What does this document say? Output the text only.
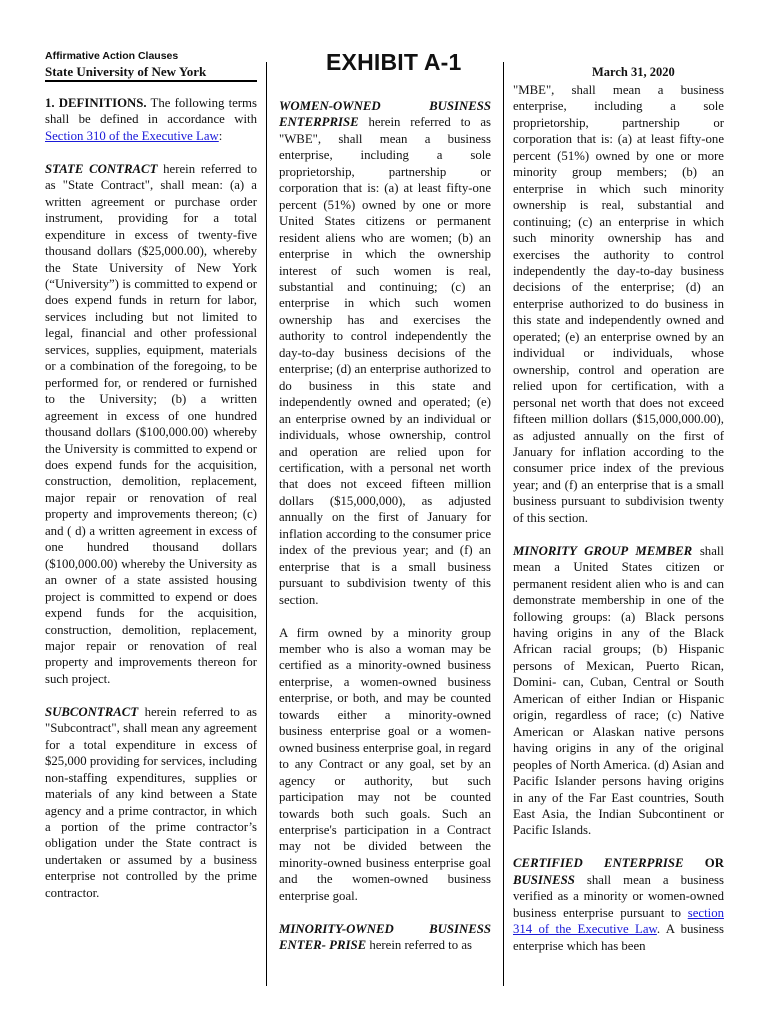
Affirmative Action Clauses
State University of New York	EXHIBIT A-1	March 31, 2020

1. DEFINITIONS. The following terms shall be defined in accordance with Section 310 of the Executive Law:

STATE CONTRACT herein referred to as "State Contract", shall mean: (a) a written agreement or purchase order instrument, providing for a total expenditure in excess of twenty-five thousand dollars ($25,000.00), whereby the State University of New York (“University”) is committed to expend or does expend funds in return for labor, services including but not limited to legal, financial and other professional services, supplies, equipment, materials or a combination of the foregoing, to be performed for, or rendered or furnished to the University; (b) a written agreement in excess of one hundred thousand dollars ($100,000.00) whereby the University is committed to expend or does expend funds for the acquisition, construction, demolition, replacement, major repair or renovation of real property and improvements thereon; (c) and ( d) a written agreement in excess of one hundred thousand dollars ($100,000.00) whereby the University as an owner of a state assisted housing project is committed to expend or does expend funds for the acquisition, construction, demolition, replacement, major repair or renovation of real property and improvements thereon for such project.

SUBCONTRACT herein referred to as "Subcontract", shall mean any agreement for a total expenditure in excess of $25,000 providing for services, including non-staffing expenditures, supplies or materials of any kind between a State agency and a prime contractor, in which a portion of the prime contractor’s obligation under the State contract is undertaken or assumed by a business enterprise not controlled by the prime contractor.

WOMEN-OWNED BUSINESS ENTERPRISE herein referred to as "WBE", shall mean a business enterprise, including a sole proprietorship, partnership or corporation that is: (a) at least fifty-one percent (51%) owned by one or more United States citizens or permanent resident aliens who are women; (b) an enterprise in which the ownership interest of such women is real, substantial and continuing; (c) an enterprise in which such women ownership has and exercises the authority to control independently the day-to-day business decisions of the enterprise; (d) an enterprise authorized to do business in this state and independently owned and operated; (e) an enterprise owned by an individual or individuals, whose ownership, control and operation are relied upon for certification, with a personal net worth that does not exceed fifteen million dollars ($15,000,000), as adjusted annually on the first of January for inflation according to the consumer price index of the previous year; and (f) an enterprise that is a small business pursuant to subdivision twenty of this section.

A firm owned by a minority group member who is also a woman may be certified as a minority-owned business enterprise, a women-owned business enterprise, or both, and may be counted towards either a minority-owned business enterprise goal or a women-owned business enterprise goal, in regard to any Contract or any goal, set by an agency or authority, but such participation may not be counted towards both such goals. Such an enterprise's participation in a Contract may not be divided between the minority-owned business enterprise goal and the women-owned business enterprise goal.

MINORITY-OWNED BUSINESS ENTER- PRISE herein referred to as

"MBE", shall mean a business enterprise, including a sole proprietorship, partnership or corporation that is: (a) at least fifty-one percent (51%) owned by one or more minority group members; (b) an enterprise in which such minority ownership is real, substantial and continuing; (c) an enterprise in which such minority ownership has and exercises the authority to control independently the day-to-day business decisions of the enterprise; (d) an enterprise authorized to do business in this state and independently owned and operated; (e) an enterprise owned by an individual or individuals, whose ownership, control and operation are relied upon for certification, with a personal net worth that does not exceed fifteen million dollars ($15,000,000.00), as adjusted annually on the first of January for inflation according to the consumer price index of the previous year; and (f) an enterprise that is a small business pursuant to subdivision twenty of this section.

MINORITY GROUP MEMBER shall mean a United States citizen or permanent resident alien who is and can demonstrate membership in one of the following groups: (a) Black persons having origins in any of the Black African racial groups; (b) Hispanic persons of Mexican, Puerto Rican, Domini- can, Cuban, Central or South American of either Indian or Hispanic origin, regardless of race; (c) Native American or Alaskan native persons having origins in any of the original peoples of North America. (d) Asian and Pacific Islander persons having origins in any of the Far East countries, South East Asia, the Indian Subcontinent or Pacific Islands.

CERTIFIED ENTERPRISE OR BUSINESS shall mean a business verified as a minority or women-owned business enterprise pursuant to section 314 of the Executive Law. A business enterprise which has been
